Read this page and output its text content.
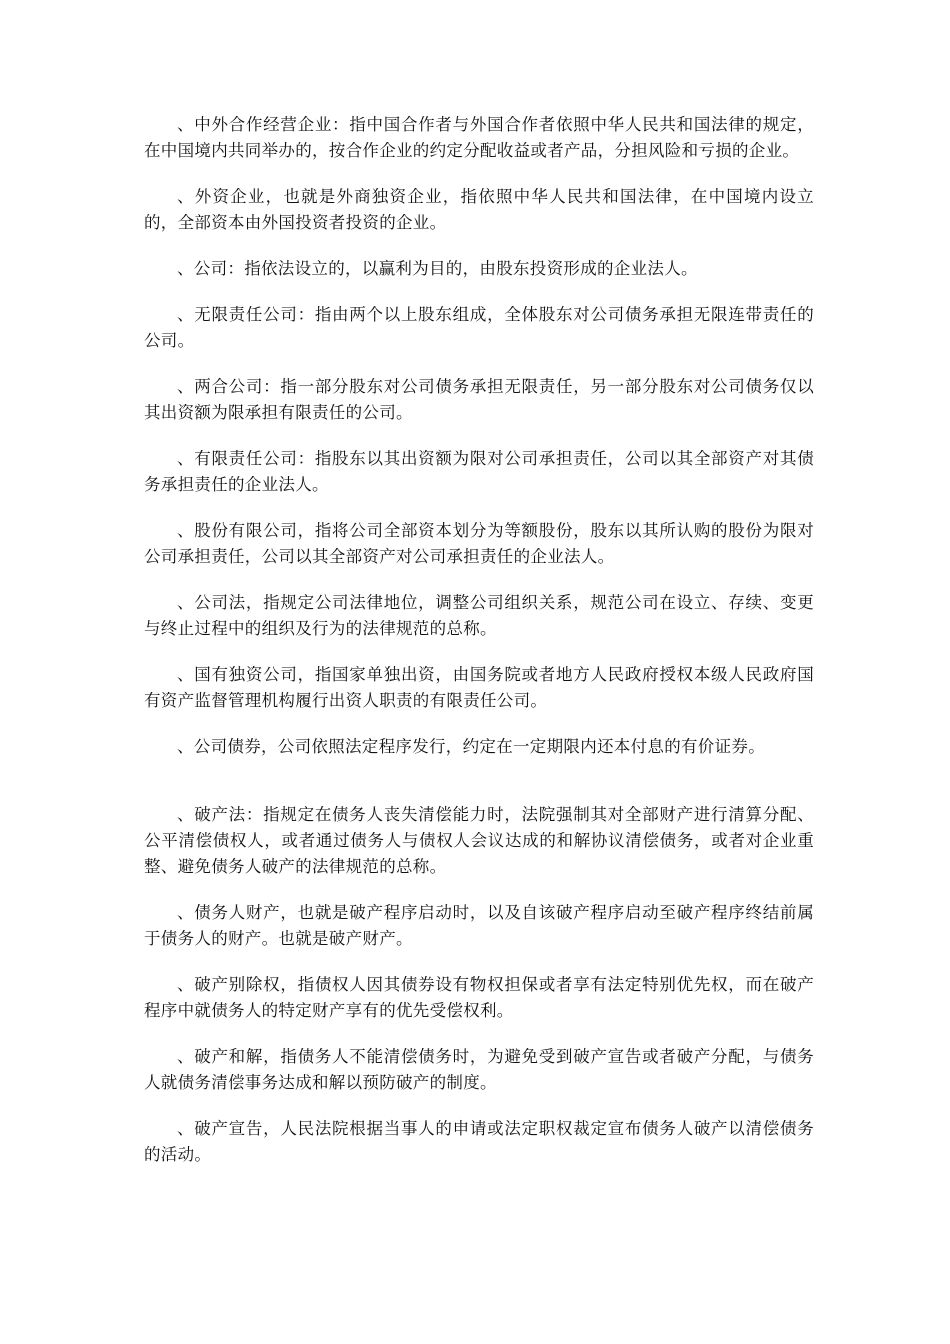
、中外合作经营企业：指中国合作者与外国合作者依照中华人民共和国法律的规定，在中国境内共同举办的，按合作企业的约定分配收益或者产品，分担风险和亏损的企业。

、外资企业，也就是外商独资企业，指依照中华人民共和国法律，在中国境内设立的，全部资本由外国投资者投资的企业。

、公司：指依法设立的，以赢利为目的，由股东投资形成的企业法人。

、无限责任公司：指由两个以上股东组成，全体股东对公司债务承担无限连带责任的公司。

、两合公司：指一部分股东对公司债务承担无限责任，另一部分股东对公司债务仅以其出资额为限承担有限责任的公司。

、有限责任公司：指股东以其出资额为限对公司承担责任，公司以其全部资产对其债务承担责任的企业法人。

、股份有限公司，指将公司全部资本划分为等额股份，股东以其所认购的股份为限对公司承担责任，公司以其全部资产对公司承担责任的企业法人。

、公司法，指规定公司法律地位，调整公司组织关系，规范公司在设立、存续、变更与终止过程中的组织及行为的法律规范的总称。

、国有独资公司，指国家单独出资，由国务院或者地方人民政府授权本级人民政府国有资产监督管理机构履行出资人职责的有限责任公司。

、公司债券，公司依照法定程序发行，约定在一定期限内还本付息的有价证券。

、破产法：指规定在债务人丧失清偿能力时，法院强制其对全部财产进行清算分配、公平清偿债权人，或者通过债务人与债权人会议达成的和解协议清偿债务，或者对企业重整、避免债务人破产的法律规范的总称。

、债务人财产，也就是破产程序启动时，以及自该破产程序启动至破产程序终结前属于债务人的财产。也就是破产财产。

、破产别除权，指债权人因其债券设有物权担保或者享有法定特别优先权，而在破产程序中就债务人的特定财产享有的优先受偿权利。

、破产和解，指债务人不能清偿债务时，为避免受到破产宣告或者破产分配，与债务人就债务清偿事务达成和解以预防破产的制度。

、破产宣告，人民法院根据当事人的申请或法定职权裁定宣布债务人破产以清偿债务的活动。
